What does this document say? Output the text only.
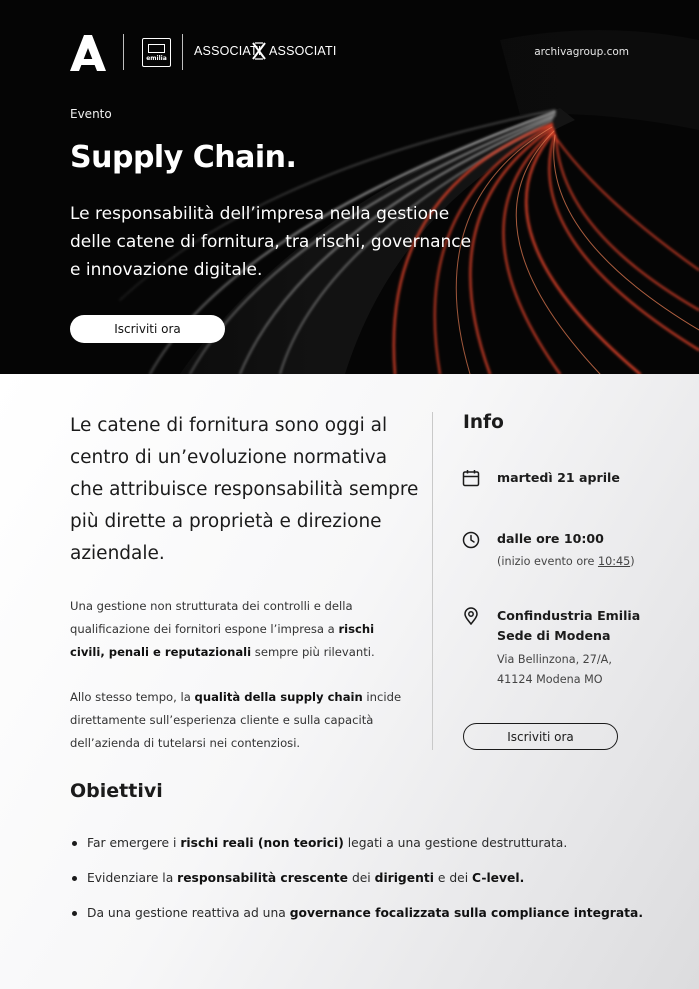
emilia
ASSOCIATI ASSOCIATI	archivagroup.com
Evento
Supply Chain.

Le responsabilità dell’impresa nella gestione delle catene di fornitura, tra rischi, governance e innovazione digitale.

Iscriviti ora

Le catene di fornitura sono oggi al centro di un’evoluzione normativa che attribuisce responsabilità sempre più dirette a proprietà e direzione aziendale.

Una gestione non strutturata dei controlli e della qualificazione dei fornitori espone l’impresa a rischi civili, penali e reputazionali sempre più rilevanti.

Allo stesso tempo, la qualità della supply chain incide direttamente sull’esperienza cliente e sulla capacità dell’azienda di tutelarsi nei contenziosi.

Info
martedì 21 aprile
dalle ore 10:00
(inizio evento ore 10:45)
Confindustria Emilia
Sede di Modena
Via Bellinzona, 27/A,
41124 Modena MO
Iscriviti ora
Obiettivi
Far emergere i rischi reali (non teorici) legati a una gestione destrutturata.
Evidenziare la responsabilità crescente dei dirigenti e dei C-level.
Da una gestione reattiva ad una governance focalizzata sulla compliance integrata.
